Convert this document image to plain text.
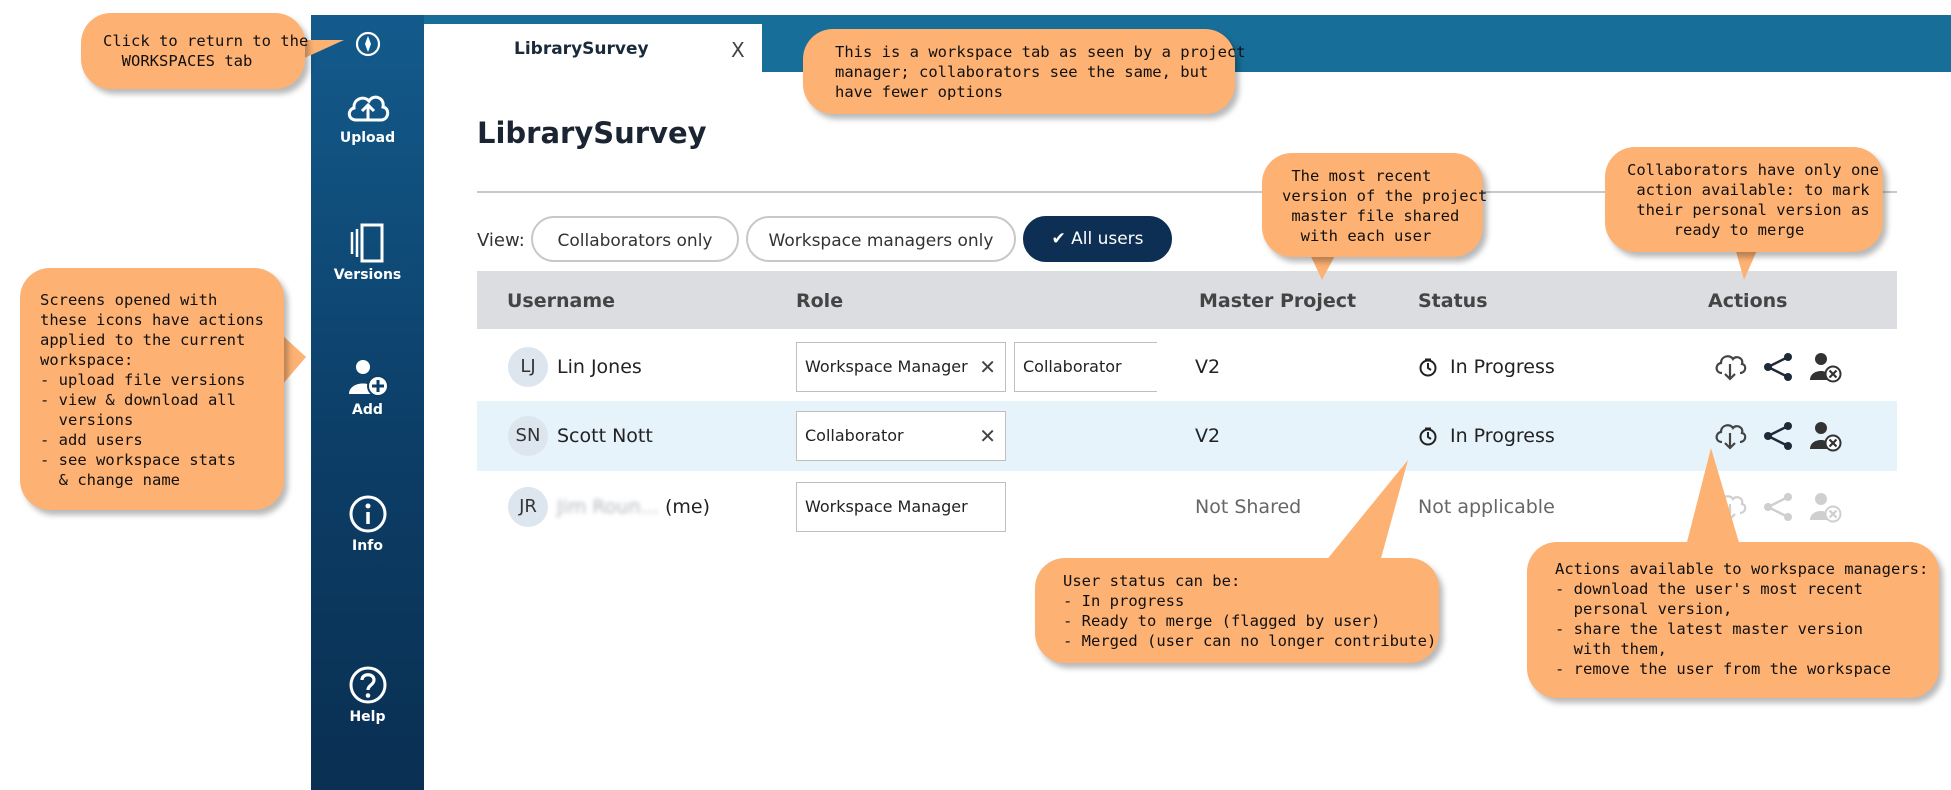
Upload
Versions
Add
Info
Help
LibrarySurvey	X
LibrarySurvey
View:	Collaborators only	Workspace managers only	✔ All users
Username	Role	Master Project	Status	Actions
LJ	Lin Jones	Workspace Manager ✕	Collaborator	V2	In Progress
SN Scott Nott	Collaborator	✕	V2	In Progress
JR	Jim Roun... (me)	Workspace Manager	Not Shared	Not applicable
Click to return to the
WORKSPACES tab	This is a workspace tab as seen by a project
manager; collaborators see the same, but
have fewer options
The most recent
version of the project
master file shared
with each user
Collaborators have only one
action available: to mark
their personal version as
ready to merge
Screens opened with
these icons have actions
applied to the current
workspace:
- upload file versions
- view & download all
versions
- add users
- see workspace stats
& change name
User status can be:
- In progress
- Ready to merge (flagged by user)
- Merged (user can no longer contribute)
Actions available to workspace managers:
- download the user's most recent
personal version,
- share the latest master version
with them,
- remove the user from the workspace
